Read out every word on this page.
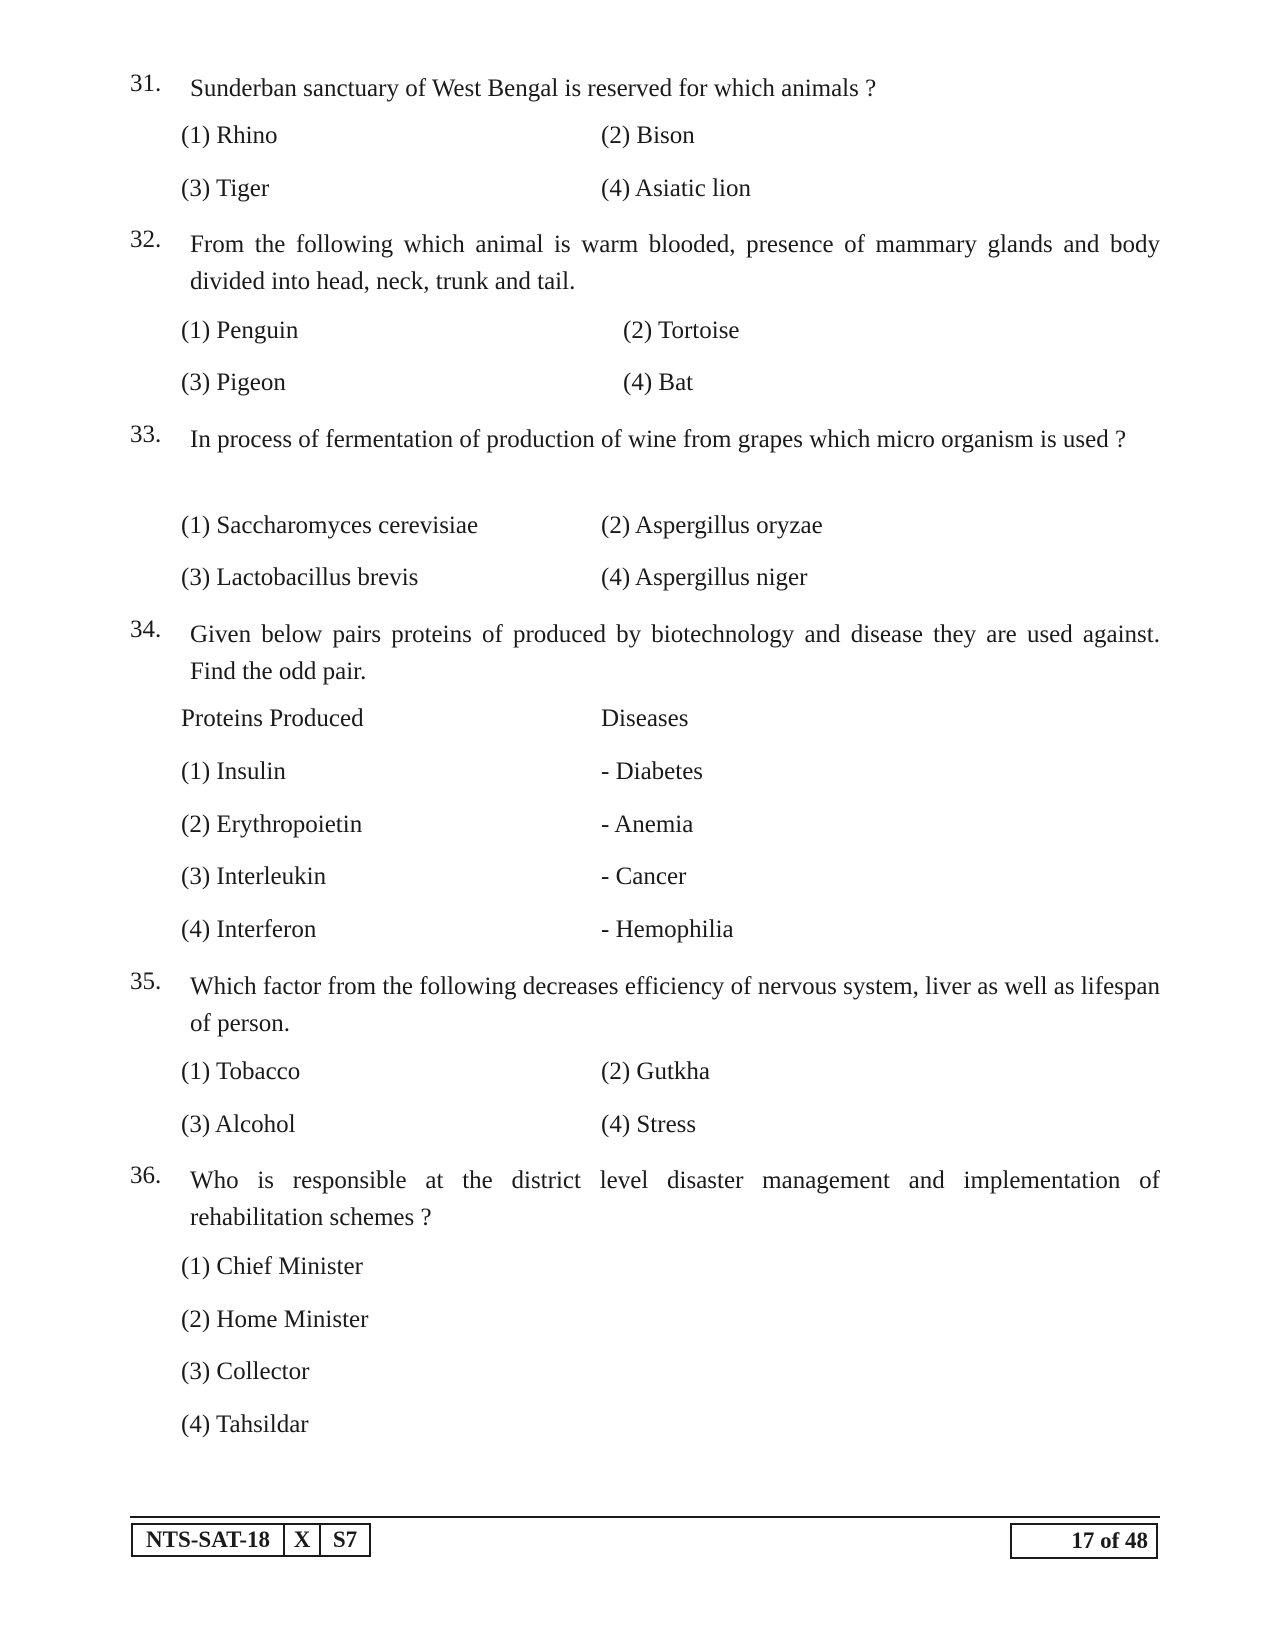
31. Sunderban sanctuary of West Bengal is reserved for which animals ?
(1) Rhino	(2) Bison
(3) Tiger	(4) Asiatic lion
32. From the following which animal is warm blooded, presence of mammary glands and body divided into head, neck, trunk and tail.
(1) Penguin	(2) Tortoise
(3) Pigeon	(4) Bat
33. In process of fermentation of production of wine from grapes which micro organism is used ?
(1) Saccharomyces cerevisiae	(2) Aspergillus oryzae
(3) Lactobacillus brevis	(4) Aspergillus niger
34. Given below pairs proteins of produced by biotechnology and disease they are used against. Find the odd pair.
Proteins Produced	Diseases
(1) Insulin	- Diabetes
(2) Erythropoietin	- Anemia
(3) Interleukin	- Cancer
(4) Interferon	- Hemophilia
35. Which factor from the following decreases efficiency of nervous system, liver as well as lifespan of person.
(1) Tobacco	(2) Gutkha
(3) Alcohol	(4) Stress
36. Who is responsible at the district level disaster management and implementation of rehabilitation schemes ?
(1) Chief Minister
(2) Home Minister
(3) Collector
(4) Tahsildar
NTS-SAT-18	X S7	17 of 48
